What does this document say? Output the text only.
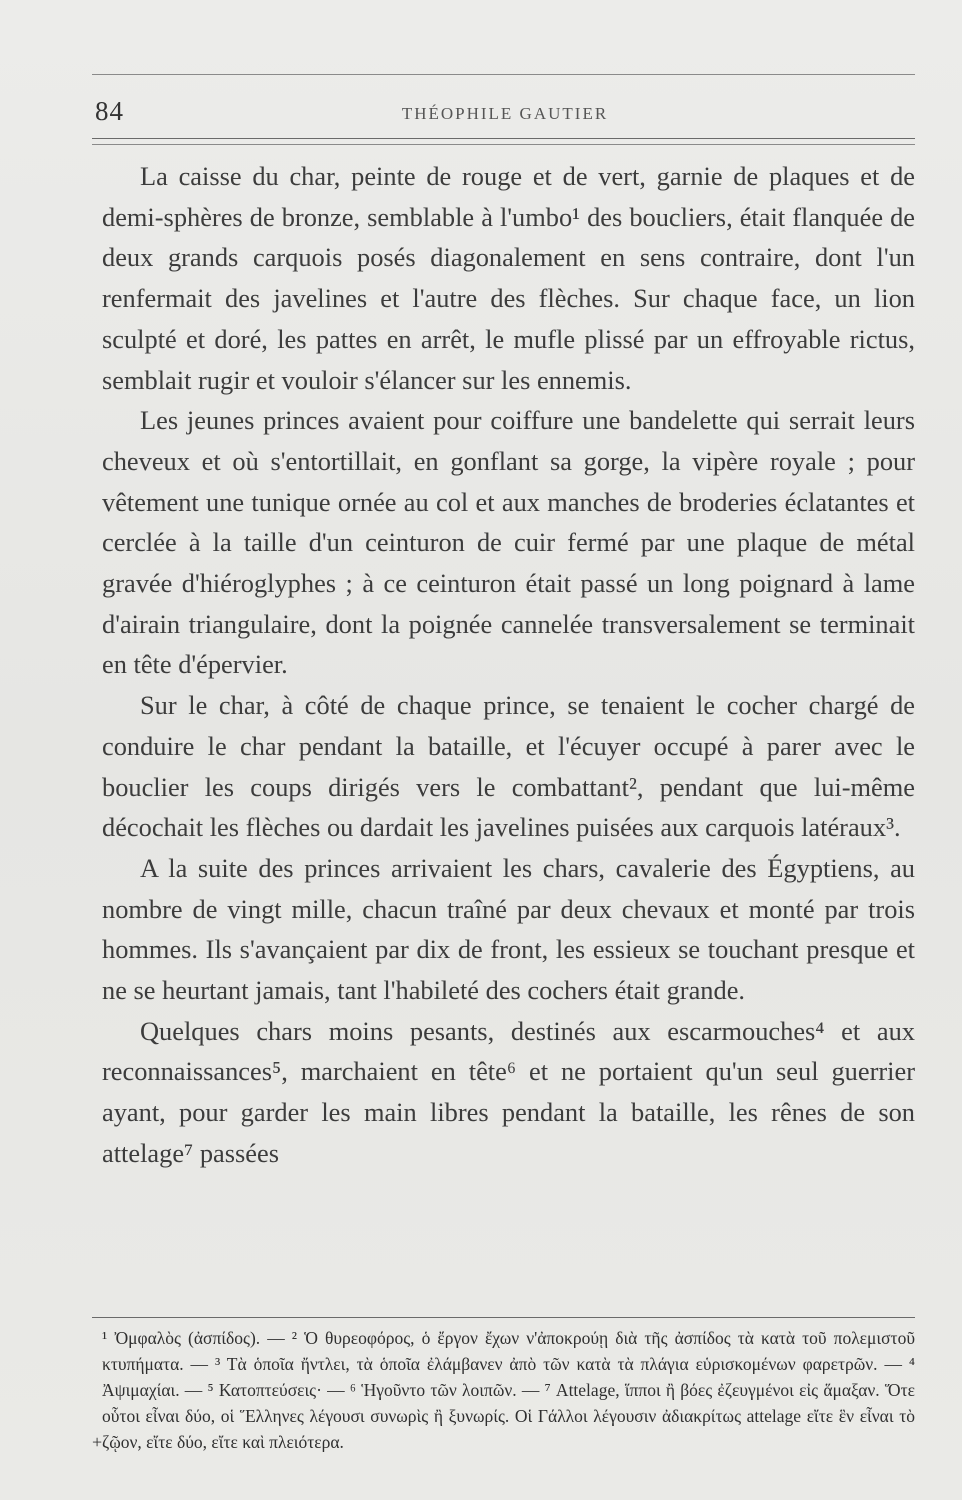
84	THÉOPHILE GAUTIER

La caisse du char, peinte de rouge et de vert, garnie de plaques et de demi-sphères de bronze, semblable à l'umbo¹ des boucliers, était flanquée de deux grands carquois posés diagonalement en sens contraire, dont l'un renfermait des javelines et l'autre des flèches. Sur chaque face, un lion sculpté et doré, les pattes en arrêt, le mufle plissé par un effroyable rictus, semblait rugir et vouloir s'élancer sur les ennemis.

Les jeunes princes avaient pour coiffure une bandelette qui serrait leurs cheveux et où s'entortillait, en gonflant sa gorge, la vipère royale ; pour vêtement une tunique ornée au col et aux manches de broderies éclatantes et cerclée à la taille d'un ceinturon de cuir fermé par une plaque de métal gravée d'hiéroglyphes ; à ce ceinturon était passé un long poignard à lame d'airain triangulaire, dont la poignée cannelée transversalement se terminait en tête d'épervier.

Sur le char, à côté de chaque prince, se tenaient le cocher chargé de conduire le char pendant la bataille, et l'écuyer occupé à parer avec le bouclier les coups dirigés vers le combattant², pendant que lui-même décochait les flèches ou dardait les javelines puisées aux carquois latéraux³.

A la suite des princes arrivaient les chars, cavalerie des Égyptiens, au nombre de vingt mille, chacun traîné par deux chevaux et monté par trois hommes. Ils s'avançaient par dix de front, les essieux se touchant presque et ne se heurtant jamais, tant l'habileté des cochers était grande.

Quelques chars moins pesants, destinés aux escarmouches⁴ et aux reconnaissances⁵, marchaient en tête⁶ et ne portaient qu'un seul guerrier ayant, pour garder les main libres pendant la bataille, les rênes de son attelage⁷ passées

¹ Ὀμφαλὸς (ἀσπίδος). — ² Ὁ θυρεοφόρος, ὁ ἔργον ἔχων ν'ἀποκρούῃ διὰ τῆς ἀσπίδος τὰ κατὰ τοῦ πολεμιστοῦ κτυπήματα. — ³ Τὰ ὁποῖα ἤντλει, τὰ ὁποῖα ἐλάμβανεν ἀπὸ τῶν κατὰ τὰ πλάγια εὑρισκομένων φαρετρῶν. — ⁴ Ἀψιμαχίαι. — ⁵ Κατοπτεύσεις· — ⁶ Ἡγοῦντο τῶν λοιπῶν. — ⁷ Attelage, ἵπποι ἢ βόες ἐζευγμένοι εἰς ἅμαξαν. Ὅτε οὗτοι εἶναι δύο, οἱ Ἕλληνες λέγουσι συνωρὶς ἢ ξυνωρίς. Οἱ Γάλλοι λέγουσιν ἀδιακρίτως attelage εἴτε ἓν εἶναι τὸ ζῷον, εἴτε δύο, εἴτε καὶ πλειότερα.

+
